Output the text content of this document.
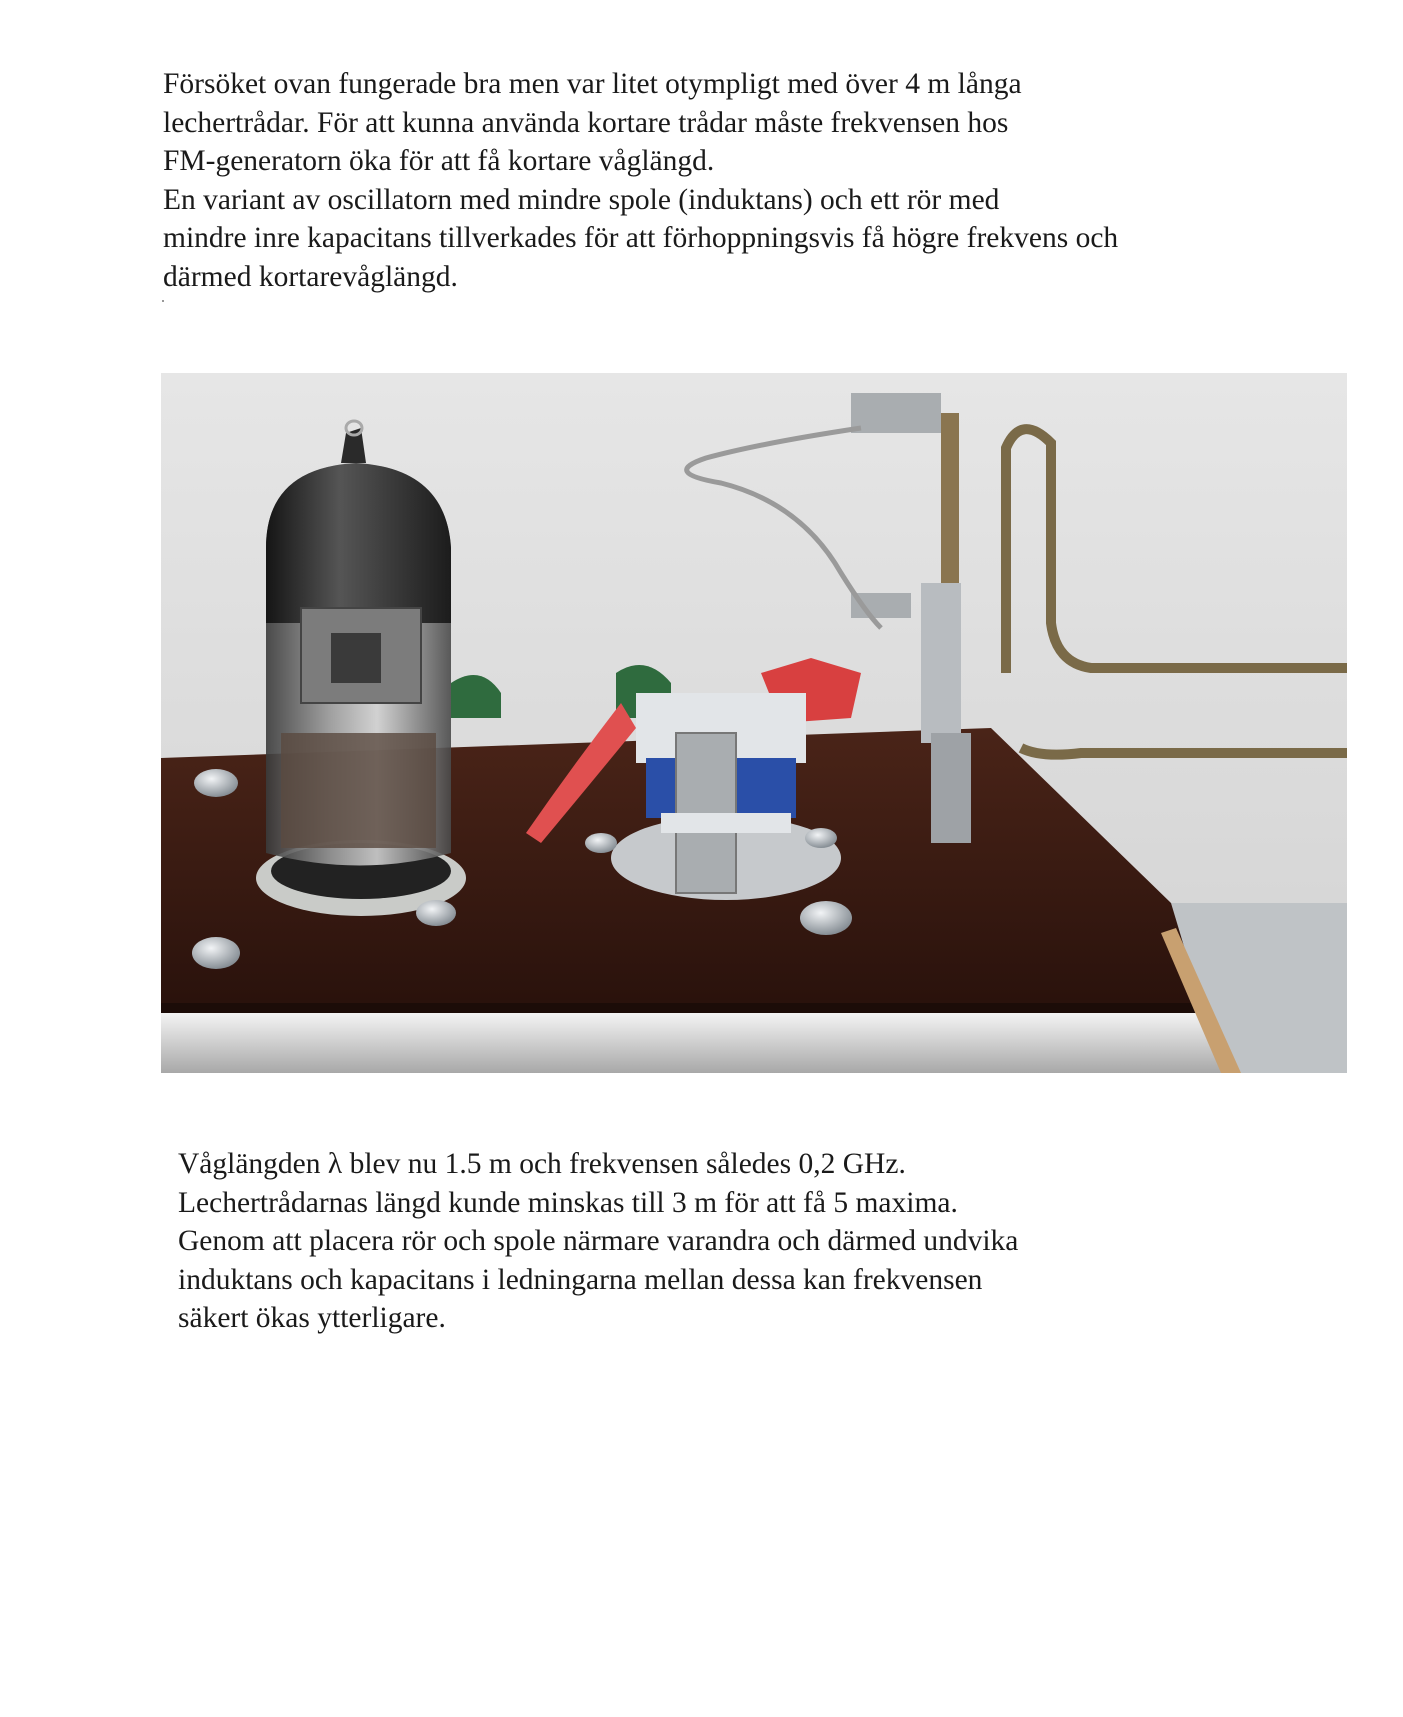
Försöket ovan fungerade bra men var litet otympligt med över 4 m långa
lechertrådar. För att kunna använda kortare trådar måste frekvensen hos
FM-generatorn öka för att få kortare våglängd.
En variant av oscillatorn med mindre spole (induktans) och ett rör med
mindre inre kapacitans tillverkades för att förhoppningsvis få högre frekvens och
därmed kortarevåglängd.
Våglängden λ blev nu 1.5 m och frekvensen således 0,2 GHz.
Lechertrådarnas längd kunde minskas till 3 m för att få 5 maxima.
Genom att placera rör och spole närmare varandra och därmed undvika
induktans och kapacitans i ledningarna mellan dessa kan frekvensen
säkert ökas ytterligare.
